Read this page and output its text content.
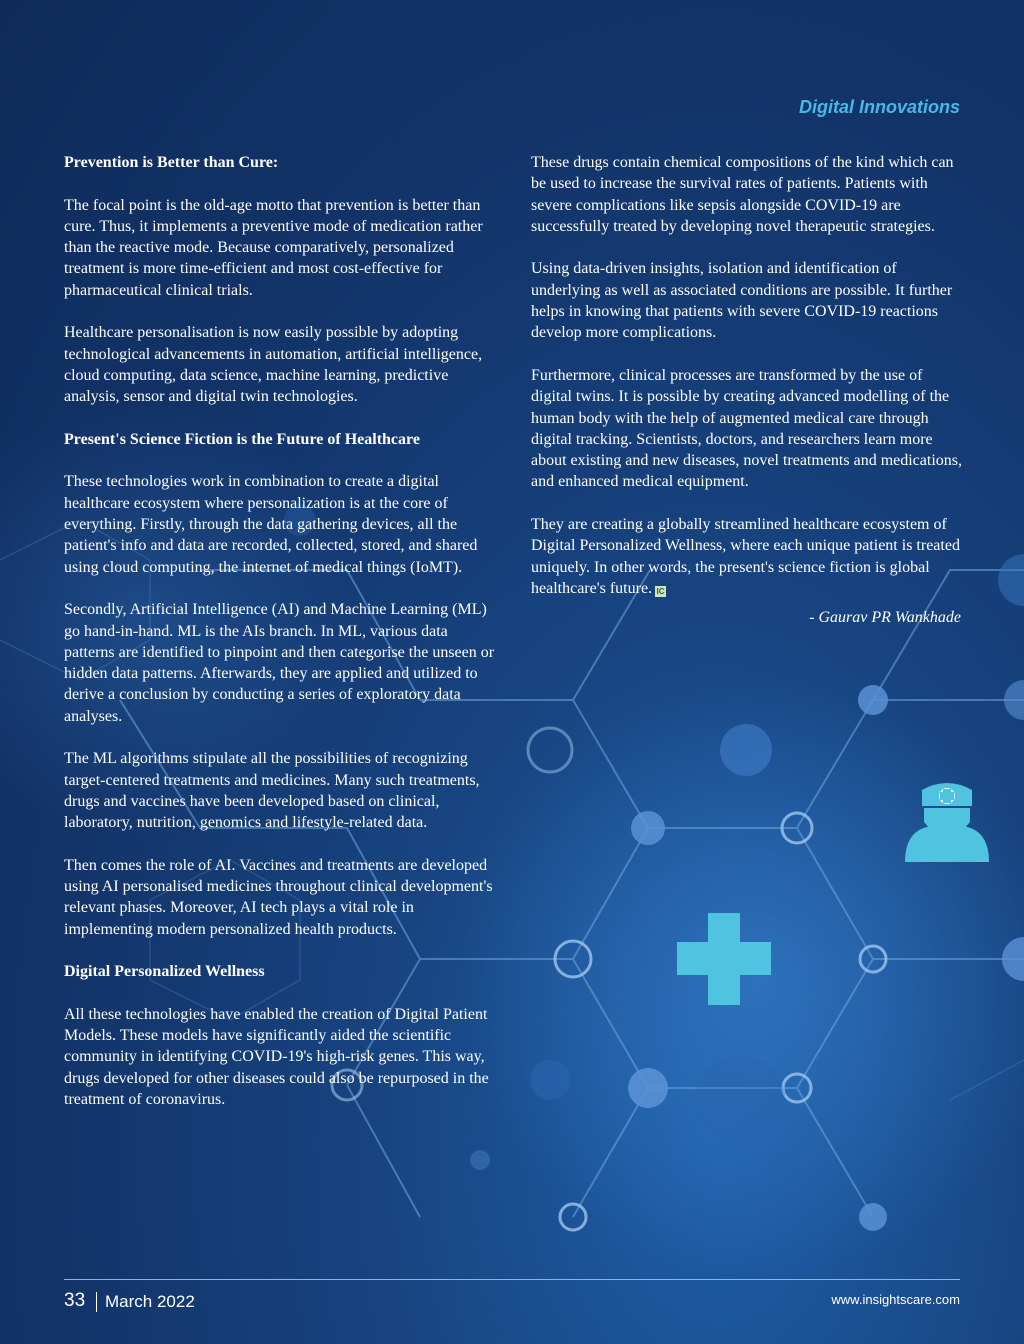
Digital Innovations
Prevention is Better than Cure:

The focal point is the old-age motto that prevention is better than cure. Thus, it implements a preventive mode of medication rather than the reactive mode. Because comparatively, personalized treatment is more time-efficient and most cost-effective for pharmaceutical clinical trials.

Healthcare personalisation is now easily possible by adopting technological advancements in automation, artificial intelligence, cloud computing, data science, machine learning, predictive analysis, sensor and digital twin technologies.

Present's Science Fiction is the Future of Healthcare

These technologies work in combination to create a digital healthcare ecosystem where personalization is at the core of everything. Firstly, through the data gathering devices, all the patient's info and data are recorded, collected, stored, and shared using cloud computing, the internet of medical things (IoMT).

Secondly, Artificial Intelligence (AI) and Machine Learning (ML) go hand-in-hand. ML is the AIs branch. In ML, various data patterns are identified to pinpoint and then categorise the unseen or hidden data patterns. Afterwards, they are applied and utilized to derive a conclusion by conducting a series of exploratory data analyses.

The ML algorithms stipulate all the possibilities of recognizing target-centered treatments and medicines. Many such treatments, drugs and vaccines have been developed based on clinical, laboratory, nutrition, genomics and lifestyle-related data.

Then comes the role of AI. Vaccines and treatments are developed using AI personalised medicines throughout clinical development's relevant phases. Moreover, AI tech plays a vital role in implementing modern personalized health products.

Digital Personalized Wellness

All these technologies have enabled the creation of Digital Patient Models. These models have significantly aided the scientific community in identifying COVID-19's high-risk genes. This way, drugs developed for other diseases could also be repurposed in the treatment of coronavirus.

These drugs contain chemical compositions of the kind which can be used to increase the survival rates of patients. Patients with severe complications like sepsis alongside COVID-19 are successfully treated by developing novel therapeutic strategies.

Using data-driven insights, isolation and identification of underlying as well as associated conditions are possible. It further helps in knowing that patients with severe COVID-19 reactions develop more complications.

Furthermore, clinical processes are transformed by the use of digital twins. It is possible by creating advanced modelling of the human body with the help of augmented medical care through digital tracking. Scientists, doctors, and researchers learn more about existing and new diseases, novel treatments and medications, and enhanced medical equipment.

They are creating a globally streamlined healthcare ecosystem of Digital Personalized Wellness, where each unique patient is treated uniquely. In other words, the present's science fiction is global healthcare's future. IC

- Gaurav PR Wankhade
33 March 2022	www.insightscare.com
